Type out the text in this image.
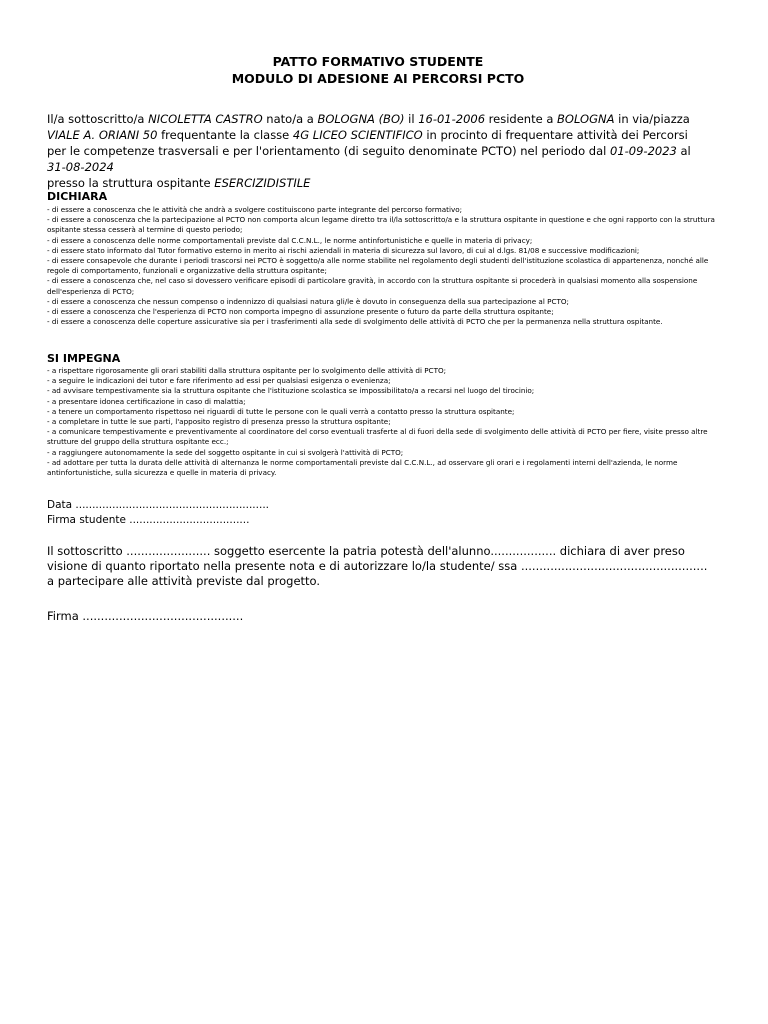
PATTO FORMATIVO STUDENTE
MODULO DI ADESIONE AI PERCORSI PCTO
Il/a sottoscritto/a NICOLETTA CASTRO nato/a a BOLOGNA (BO) il 16-01-2006 residente a BOLOGNA in via/piazza VIALE A. ORIANI 50 frequentante la classe 4G LICEO SCIENTIFICO in procinto di frequentare attività dei Percorsi per le competenze trasversali e per l'orientamento (di seguito denominate PCTO) nel periodo dal 01-09-2023 al 31-08-2024
presso la struttura ospitante ESERCIZIDISTILE
DICHIARA
- di essere a conoscenza che le attività che andrà a svolgere costituiscono parte integrante del percorso formativo;
- di essere a conoscenza che la partecipazione al PCTO non comporta alcun legame diretto tra il/la sottoscritto/a e la struttura ospitante in questione e che ogni rapporto con la struttura ospitante stessa cesserà al termine di questo periodo;
- di essere a conoscenza delle norme comportamentali previste dal C.C.N.L., le norme antinfortunistiche e quelle in materia di privacy;
- di essere stato informato dal Tutor formativo esterno in merito ai rischi aziendali in materia di sicurezza sul lavoro, di cui al d.lgs. 81/08 e successive modificazioni;
- di essere consapevole che durante i periodi trascorsi nei PCTO è soggetto/a alle norme stabilite nel regolamento degli studenti dell'istituzione scolastica di appartenenza, nonché alle regole di comportamento, funzionali e organizzative della struttura ospitante;
- di essere a conoscenza che, nel caso si dovessero verificare episodi di particolare gravità, in accordo con la struttura ospitante si procederà in qualsiasi momento alla sospensione dell'esperienza di PCTO;
- di essere a conoscenza che nessun compenso o indennizzo di qualsiasi natura gli/le è dovuto in conseguenza della sua partecipazione al PCTO;
- di essere a conoscenza che l'esperienza di PCTO non comporta impegno di assunzione presente o futuro da parte della struttura ospitante;
- di essere a conoscenza delle coperture assicurative sia per i trasferimenti alla sede di svolgimento delle attività di PCTO che per la permanenza nella struttura ospitante.
SI IMPEGNA
- a rispettare rigorosamente gli orari stabiliti dalla struttura ospitante per lo svolgimento delle attività di PCTO;
- a seguire le indicazioni dei tutor e fare riferimento ad essi per qualsiasi esigenza o evenienza;
- ad avvisare tempestivamente sia la struttura ospitante che l'istituzione scolastica se impossibilitato/a a recarsi nel luogo del tirocinio;
- a presentare idonea certificazione in caso di malattia;
- a tenere un comportamento rispettoso nei riguardi di tutte le persone con le quali verrà a contatto presso la struttura ospitante;
- a completare in tutte le sue parti, l'apposito registro di presenza presso la struttura ospitante;
- a comunicare tempestivamente e preventivamente al coordinatore del corso eventuali trasferte al di fuori della sede di svolgimento delle attività di PCTO per fiere, visite presso altre strutture del gruppo della struttura ospitante ecc.;
- a raggiungere autonomamente la sede del soggetto ospitante in cui si svolgerà l'attività di PCTO;
- ad adottare per tutta la durata delle attività di alternanza le norme comportamentali previste dal C.C.N.L., ad osservare gli orari e i regolamenti interni dell'azienda, le norme antinfortunistiche, sulla sicurezza e quelle in materia di privacy.
Data ..........................................................
Firma studente ....................................
Il sottoscritto ....................... soggetto esercente la patria potestà dell'alunno.................. dichiara di aver preso visione di quanto riportato nella presente nota e di autorizzare lo/la studente/ ssa ................................................... a partecipare alle attività previste dal progetto.
Firma ............................................
